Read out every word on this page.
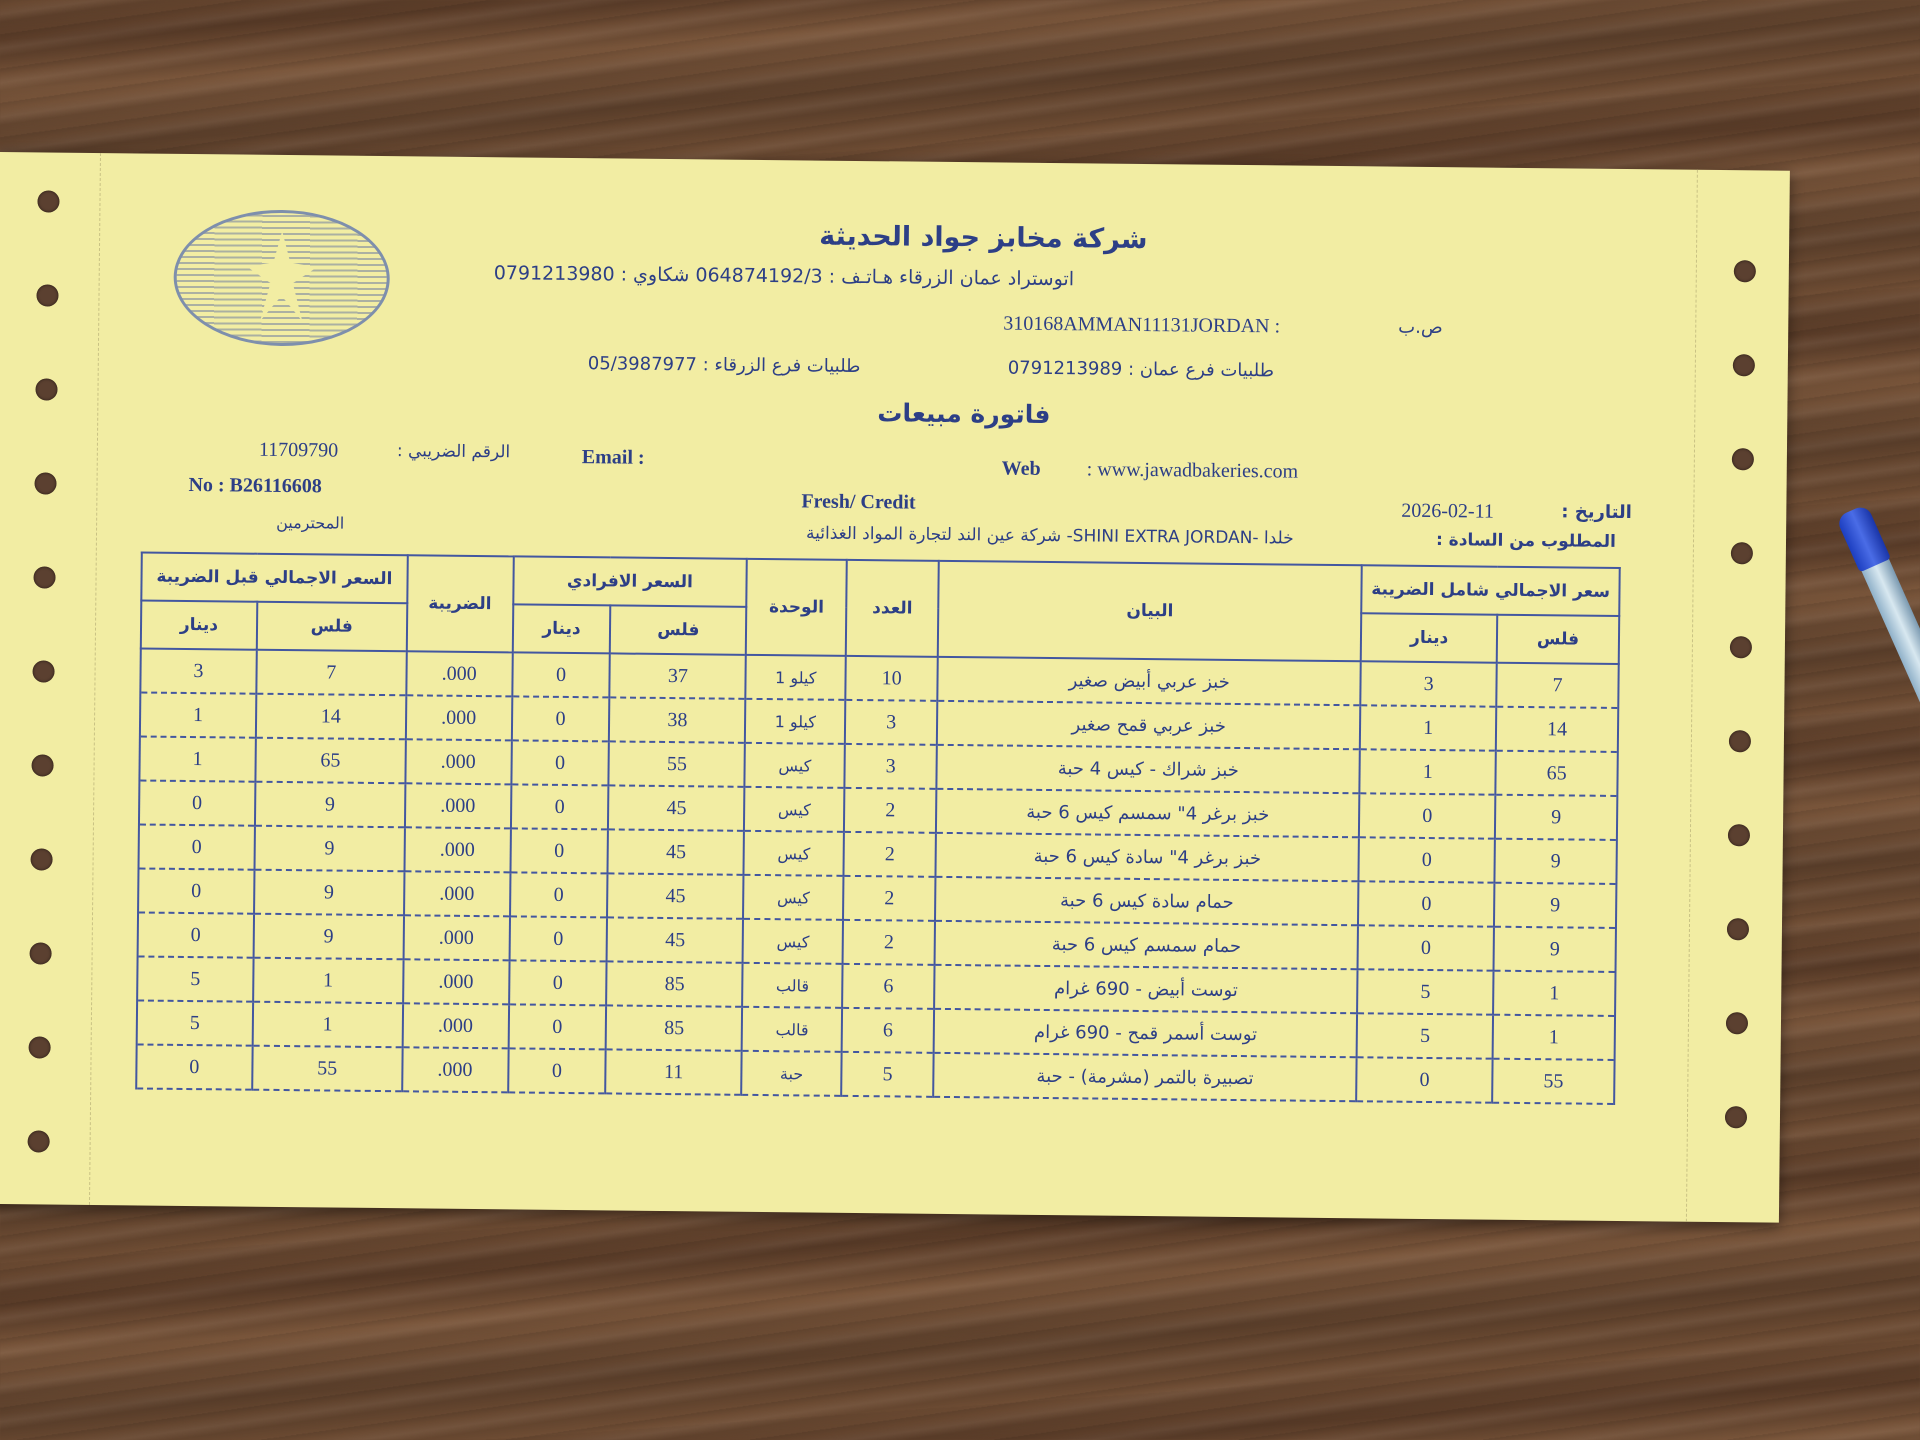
شركة مخابز جواد الحديثة
اتوستراد عمان الزرقاء هـاتـف : 064874192/3 شكاوي : 0791213980
ص.ب
310168AMMAN11131JORDAN :
طلبيات فرع عمان : 0791213989
طلبيات فرع الزرقاء : 05/3987977
فاتورة مبيعات
الرقم الضريبي :
11709790	Email :	Web : www.jawadbakeries.com
No : B26116608
Fresh/ Credit	التاريخ :
2026-02-11
المحترمين
المطلوب من السادة :
خلدا -SHINI EXTRA JORDAN- شركة عين الند لتجارة المواد الغذائية
السعر الاجمالي قبل الضريبة		الضريبة	السعر الافرادي		الوحدة	العدد	البيان	سعر الاجمالي شامل الضريبة	
دينار	فلس		دينار	فلس				دينار	فلس
3	7	.000	0	37	كيلو 1	10	خبز عربي أبيض صغير	3	7
1	14	.000	0	38	كيلو 1	3	خبز عربي قمح صغير	1	14
1	65	.000	0	55	كيس	3	خبز شراك - كيس 4 حبة	1	65
0	9	.000	0	45	كيس	2	خبز برغر 4" سمسم كيس 6 حبة	0	9
0	9	.000	0	45	كيس	2	خبز برغر 4" سادة كيس 6 حبة	0	9
0	9	.000	0	45	كيس	2	حمام سادة كيس 6 حبة	0	9
0	9	.000	0	45	كيس	2	حمام سمسم كيس 6 حبة	0	9
5	1	.000	0	85	قالب	6	توست أبيض - 690 غرام	5	1
5	1	.000	0	85	قالب	6	توست أسمر قمح - 690 غرام	5	1
0	55	.000	0	11	حبة	5	تصبيرة بالتمر (مشرمة) - حبة	0	55
